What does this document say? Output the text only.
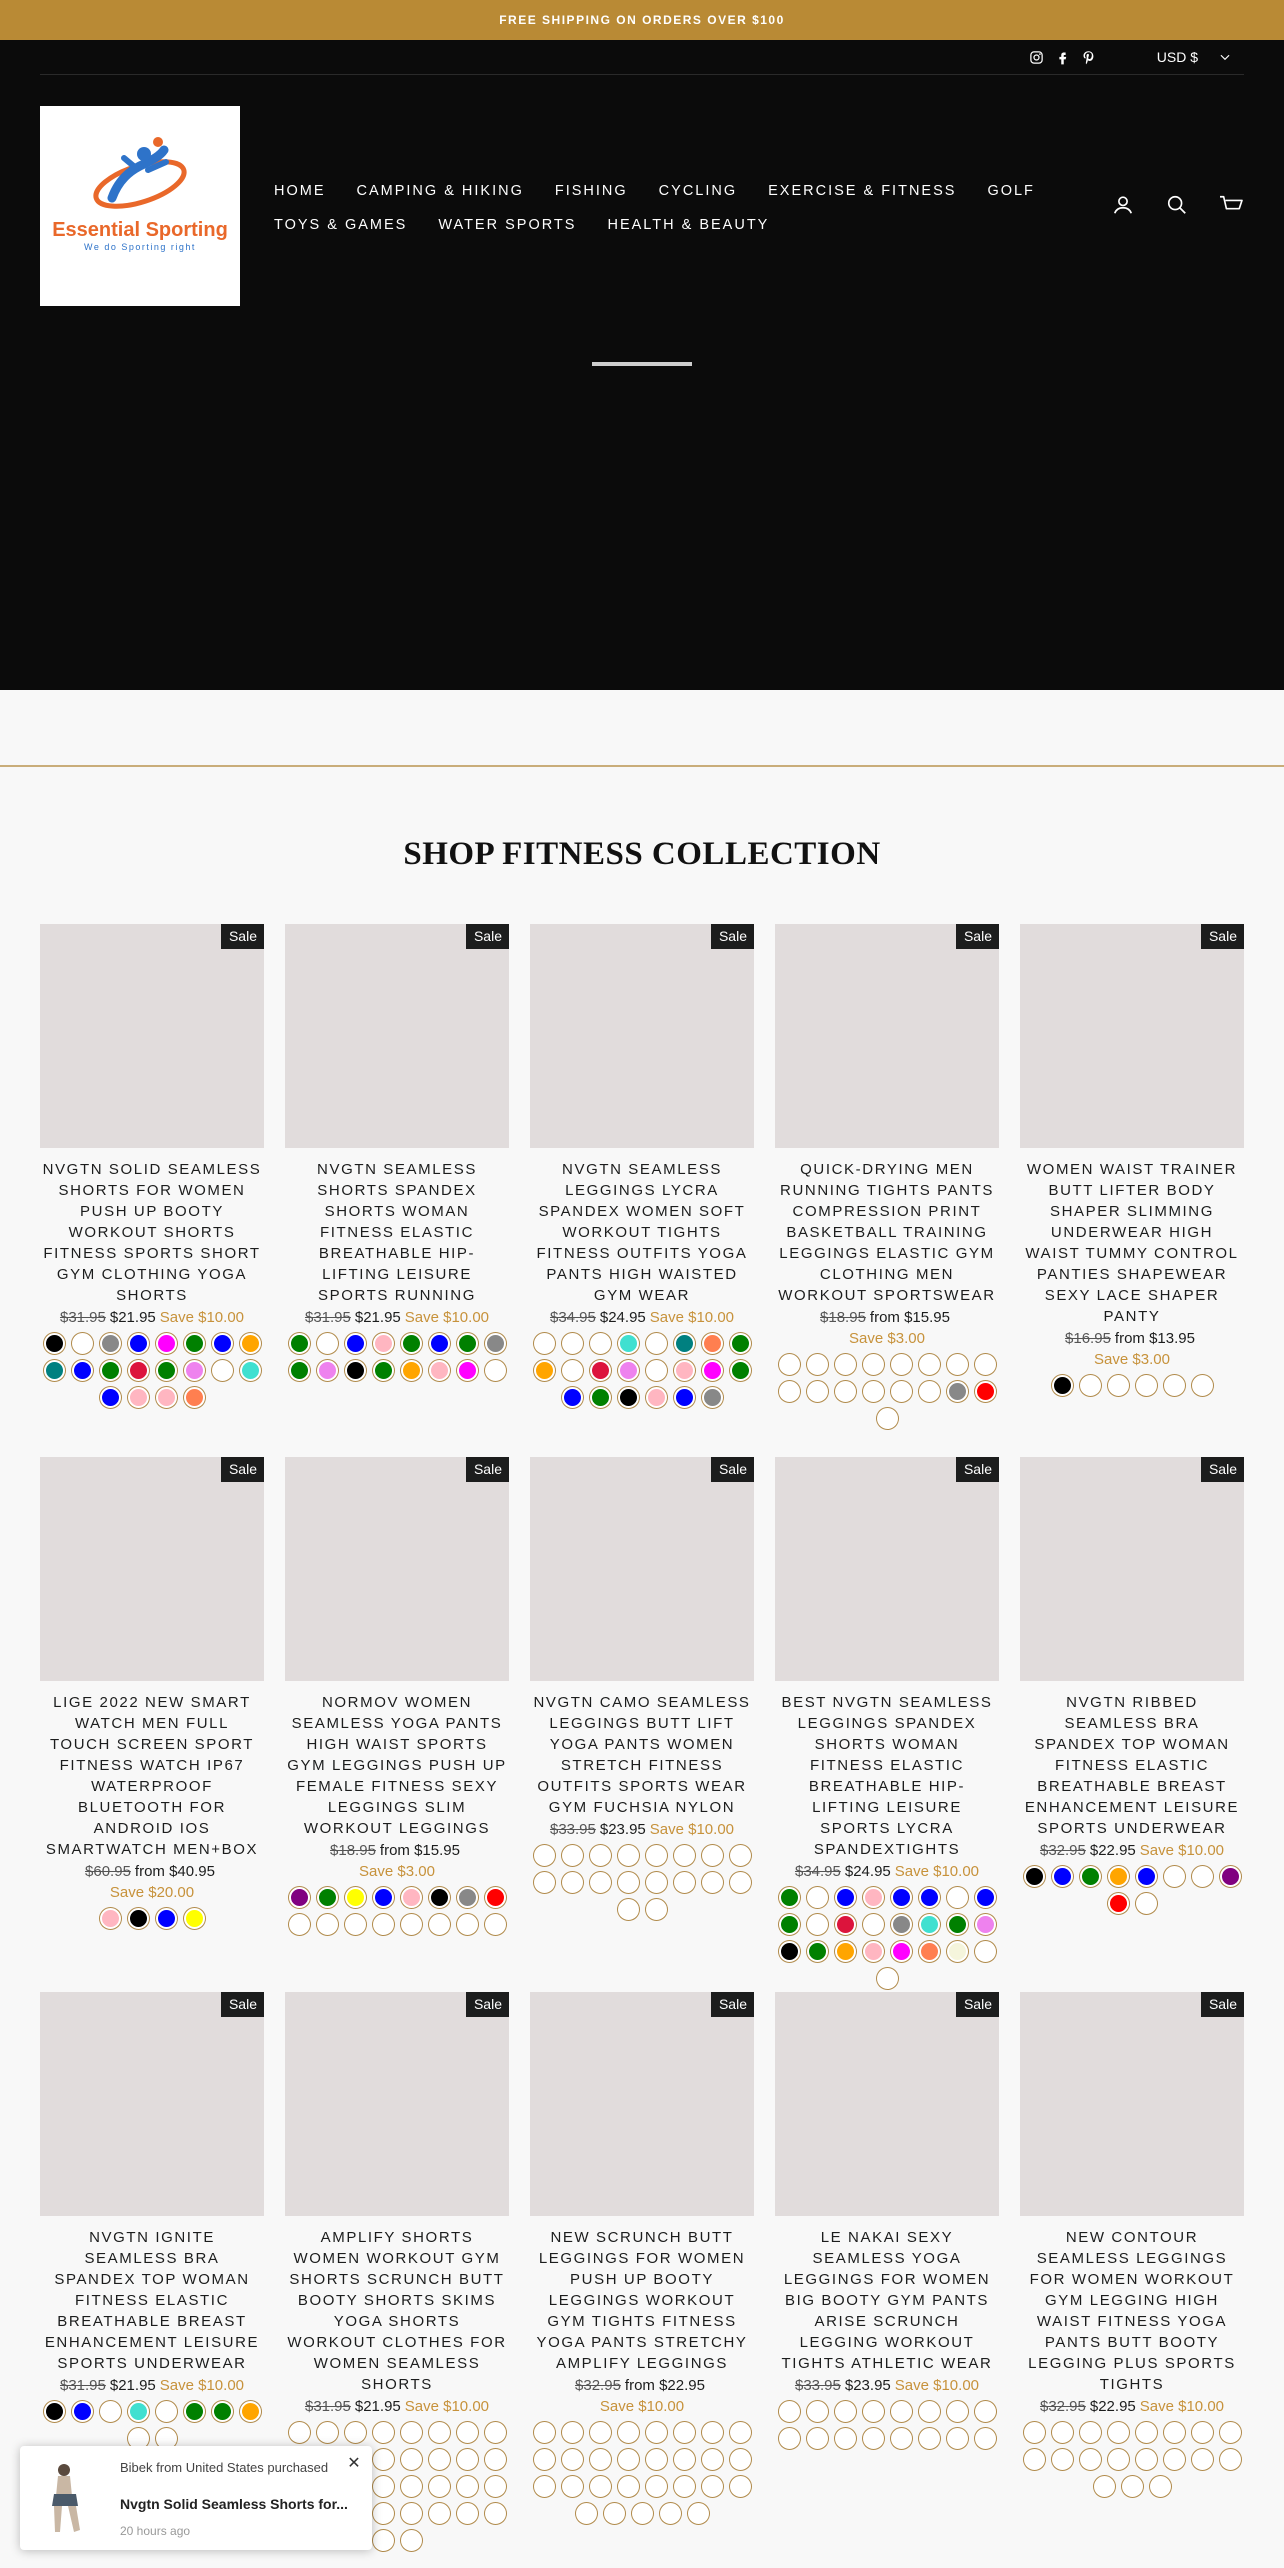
FREE SHIPPING ON ORDERS OVER $100
USD $
Essential Sporting
We do Sporting right
HOME CAMPING & HIKING FISHING CYCLING EXERCISE & FITNESS GOLF
TOYS & GAMES WATER SPORTS HEALTH & BEAUTY
SHOP FITNESS COLLECTION
Sale
NVGTN SOLID SEAMLESS SHORTS FOR WOMEN PUSH UP BOOTY WORKOUT SHORTS FITNESS SPORTS SHORT GYM CLOTHING YOGA SHORTS
$31.95 $21.95 Save $10.00
Sale
NVGTN SEAMLESS SHORTS SPANDEX SHORTS WOMAN FITNESS ELASTIC BREATHABLE HIP-LIFTING LEISURE SPORTS RUNNING
$31.95 $21.95 Save $10.00
Sale
NVGTN SEAMLESS LEGGINGS LYCRA SPANDEX WOMEN SOFT WORKOUT TIGHTS FITNESS OUTFITS YOGA PANTS HIGH WAISTED GYM WEAR
$34.95 $24.95 Save $10.00
Sale
QUICK-DRYING MEN RUNNING TIGHTS PANTS COMPRESSION PRINT BASKETBALL TRAINING LEGGINGS ELASTIC GYM CLOTHING MEN WORKOUT SPORTSWEAR
$18.95 from $15.95
Save $3.00
Sale
WOMEN WAIST TRAINER BUTT LIFTER BODY SHAPER SLIMMING UNDERWEAR HIGH WAIST TUMMY CONTROL PANTIES SHAPEWEAR SEXY LACE SHAPER PANTY
$16.95 from $13.95
Save $3.00
Sale
LIGE 2022 NEW SMART WATCH MEN FULL TOUCH SCREEN SPORT FITNESS WATCH IP67 WATERPROOF BLUETOOTH FOR ANDROID IOS SMARTWATCH MEN+BOX
$60.95 from $40.95
Save $20.00
Sale
NORMOV WOMEN SEAMLESS YOGA PANTS HIGH WAIST SPORTS GYM LEGGINGS PUSH UP FEMALE FITNESS SEXY LEGGINGS SLIM WORKOUT LEGGINGS
$18.95 from $15.95
Save $3.00
Sale
NVGTN CAMO SEAMLESS LEGGINGS BUTT LIFT YOGA PANTS WOMEN STRETCH FITNESS OUTFITS SPORTS WEAR GYM FUCHSIA NYLON
$33.95 $23.95 Save $10.00
Sale
BEST NVGTN SEAMLESS LEGGINGS SPANDEX SHORTS WOMAN FITNESS ELASTIC BREATHABLE HIP-LIFTING LEISURE SPORTS LYCRA SPANDEXTIGHTS
$34.95 $24.95 Save $10.00
Sale
NVGTN RIBBED SEAMLESS BRA SPANDEX TOP WOMAN FITNESS ELASTIC BREATHABLE BREAST ENHANCEMENT LEISURE SPORTS UNDERWEAR
$32.95 $22.95 Save $10.00
Sale
NVGTN IGNITE SEAMLESS BRA SPANDEX TOP WOMAN FITNESS ELASTIC BREATHABLE BREAST ENHANCEMENT LEISURE SPORTS UNDERWEAR
$31.95 $21.95 Save $10.00
Sale
AMPLIFY SHORTS WOMEN WORKOUT GYM SHORTS SCRUNCH BUTT BOOTY SHORTS SKIMS YOGA SHORTS WORKOUT CLOTHES FOR WOMEN SEAMLESS SHORTS
$31.95 $21.95 Save $10.00
Sale
NEW SCRUNCH BUTT LEGGINGS FOR WOMEN PUSH UP BOOTY LEGGINGS WORKOUT GYM TIGHTS FITNESS YOGA PANTS STRETCHY AMPLIFY LEGGINGS
$32.95 from $22.95
Save $10.00
Sale
LE NAKAI SEXY SEAMLESS YOGA LEGGINGS FOR WOMEN BIG BOOTY GYM PANTS ARISE SCRUNCH LEGGING WORKOUT TIGHTS ATHLETIC WEAR
$33.95 $23.95 Save $10.00
Sale
NEW CONTOUR SEAMLESS LEGGINGS FOR WOMEN WORKOUT GYM LEGGING HIGH WAIST FITNESS YOGA PANTS BUTT BOOTY LEGGING PLUS SPORTS TIGHTS
$32.95 $22.95 Save $10.00
Bibek from United States purchased
Nvgtn Solid Seamless Shorts for...
20 hours ago
✕
